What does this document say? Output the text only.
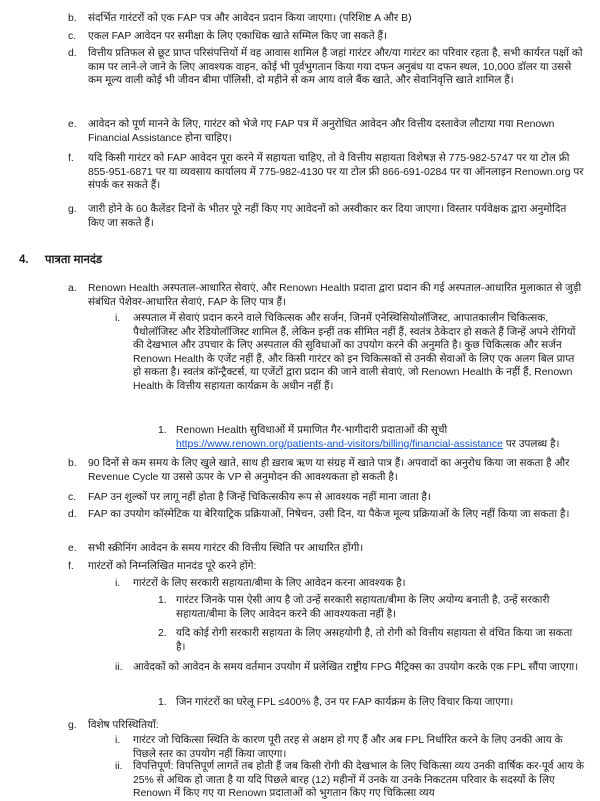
b.	संदर्भित गारंटरों को एक FAP पत्र और आवेदन प्रदान किया जाएगा। (परिशिष्ट A और B)
c.	एकल FAP आवेदन पर समीक्षा के लिए एकाधिक खाते सम्मिल किए जा सकते हैं।
d.	वित्तीय प्रतिफल से छूट प्राप्त परिसंपत्तियों में वह आवास शामिल है जहां गारंटर और/या गारंटर का परिवार रहता है, सभी कार्यरत पक्षों को काम पर लाने-ले जाने के लिए आवश्यक वाहन, कोई भी पूर्वभुगतान किया गया दफन अनुबंध या दफन स्थल, 10,000 डॉलर या उससे कम मूल्य वाली कोई भी जीवन बीमा पॉलिसी, दो महीने से कम आय वाले बैंक खाते, और सेवानिवृत्ति खाते शामिल हैं।
e.	आवेदन को पूर्ण मानने के लिए, गारंटर को भेजे गए FAP पत्र में अनुरोधित आवेदन और वित्तीय दस्तावेज लौटाया गया Renown Financial Assistance होना चाहिए।
f.	यदि किसी गारंटर को FAP आवेदन पूरा करने में सहायता चाहिए, तो वे वित्तीय सहायता विशेषज्ञ से 775-982-5747 पर या टोल फ्री 855-951-6871 पर या व्यवसाय कार्यालय में 775-982-4130 पर या टोल फ्री 866-691-0284 पर या ऑनलाइन Renown.org पर संपर्क कर सकते हैं।
g.	जारी होने के 60 कैलेंडर दिनों के भीतर पूरे नहीं किए गए आवेदनों को अस्वीकार कर दिया जाएगा। विस्तार पर्यवेक्षक द्वारा अनुमोदित किए जा सकते हैं।
4. पात्रता मानदंड
a.	Renown Health अस्पताल-आधारित सेवाएं, और Renown Health प्रदाता द्वारा प्रदान की गई अस्पताल-आधारित मुलाकात से जुड़ी संबंधित पेशेवर-आधारित सेवाएं, FAP के लिए पात्र हैं।
i.	अस्पताल में सेवाएं प्रदान करने वाले चिकित्सक और सर्जन, जिनमें एनेस्थिसियोलॉजिस्ट, आपातकालीन चिकित्सक, पैथोलॉजिस्ट और रेडियोलॉजिस्ट शामिल हैं, लेकिन इन्हीं तक सीमित नहीं हैं, स्वतंत्र ठेकेदार हो सकते हैं जिन्हें अपने रोगियों की देखभाल और उपचार के लिए अस्पताल की सुविधाओं का उपयोग करने की अनुमति है। कुछ चिकित्सक और सर्जन Renown Health के एजेंट नहीं हैं, और किसी गारंटर को इन चिकित्सकों से उनकी सेवाओं के लिए एक अलग बिल प्राप्त हो सकता है। स्वतंत्र कॉन्ट्रैक्टर्स, या एजेंटों द्वारा प्रदान की जाने वाली सेवाएं, जो Renown Health के नहीं हैं, Renown Health के वित्तीय सहायता कार्यक्रम के अधीन नहीं हैं।
1. Renown Health सुविधाओं में प्रमाणित गैर-भागीदारी प्रदाताओं की सूची https://www.renown.org/patients-and-visitors/billing/financial-assistance पर उपलब्ध है।
b.	90 दिनों से कम समय के लिए खुले खाते, साथ ही ख़राब ऋण या संग्रह में खाते पात्र हैं। अपवादों का अनुरोध किया जा सकता है और Revenue Cycle या उससे ऊपर के VP से अनुमोदन की आवश्यकता हो सकती है।
c.	FAP उन शुल्कों पर लागू नहीं होता है जिन्हें चिकित्सकीय रूप से आवश्यक नहीं माना जाता है।
d.	FAP का उपयोग कॉस्मेटिक या बेरियाट्रिक प्रक्रियाओं, निषेचन, उसी दिन, या पैकेज मूल्य प्रक्रियाओं के लिए नहीं किया जा सकता है।
e.	सभी स्क्रीनिंग आवेदन के समय गारंटर की वित्तीय स्थिति पर आधारित होंगी।
f.	गारंटरों को निम्नलिखित मानदंड पूरे करने होंगे:
i.	गारंटरों के लिए सरकारी सहायता/बीमा के लिए आवेदन करना आवश्यक है।
1. गारंटर जिनके पास ऐसी आय है जो उन्हें सरकारी सहायता/बीमा के लिए अयोग्य बनाती है, उन्हें सरकारी सहायता/बीमा के लिए आवेदन करने की आवश्यकता नहीं है।
2. यदि कोई रोगी सरकारी सहायता के लिए असहयोगी है, तो रोगी को वित्तीय सहायता से वंचित किया जा सकता है।
ii.	आवेदकों को आवेदन के समय वर्तमान उपयोग में प्रलेखित राष्ट्रीय FPG मैट्रिक्स का उपयोग करके एक FPL सौंपा जाएगा।
1. जिन गारंटरों का घरेलू FPL ≤400% है, उन पर FAP कार्यक्रम के लिए विचार किया जाएगा।
g.	विशेष परिस्थितियाँ:
i.	गारंटर जो चिकित्सा स्थिति के कारण पूरी तरह से अक्षम हो गए हैं और अब FPL निर्धारित करने के लिए उनकी आय के पिछले स्तर का उपयोग नहीं किया जाएगा।
ii.	विपत्तिपूर्ण: विपत्तिपूर्ण लागतें तब होती हैं जब किसी रोगी की देखभाल के लिए चिकित्सा व्यय उनकी वार्षिक कर-पूर्व आय के 25% से अधिक हो जाता है या यदि पिछले बारह (12) महीनों में उनके या उनके निकटतम परिवार के सदस्यों के लिए Renown में किए गए या Renown प्रदाताओं को भुगतान किए गए चिकित्सा व्यय
